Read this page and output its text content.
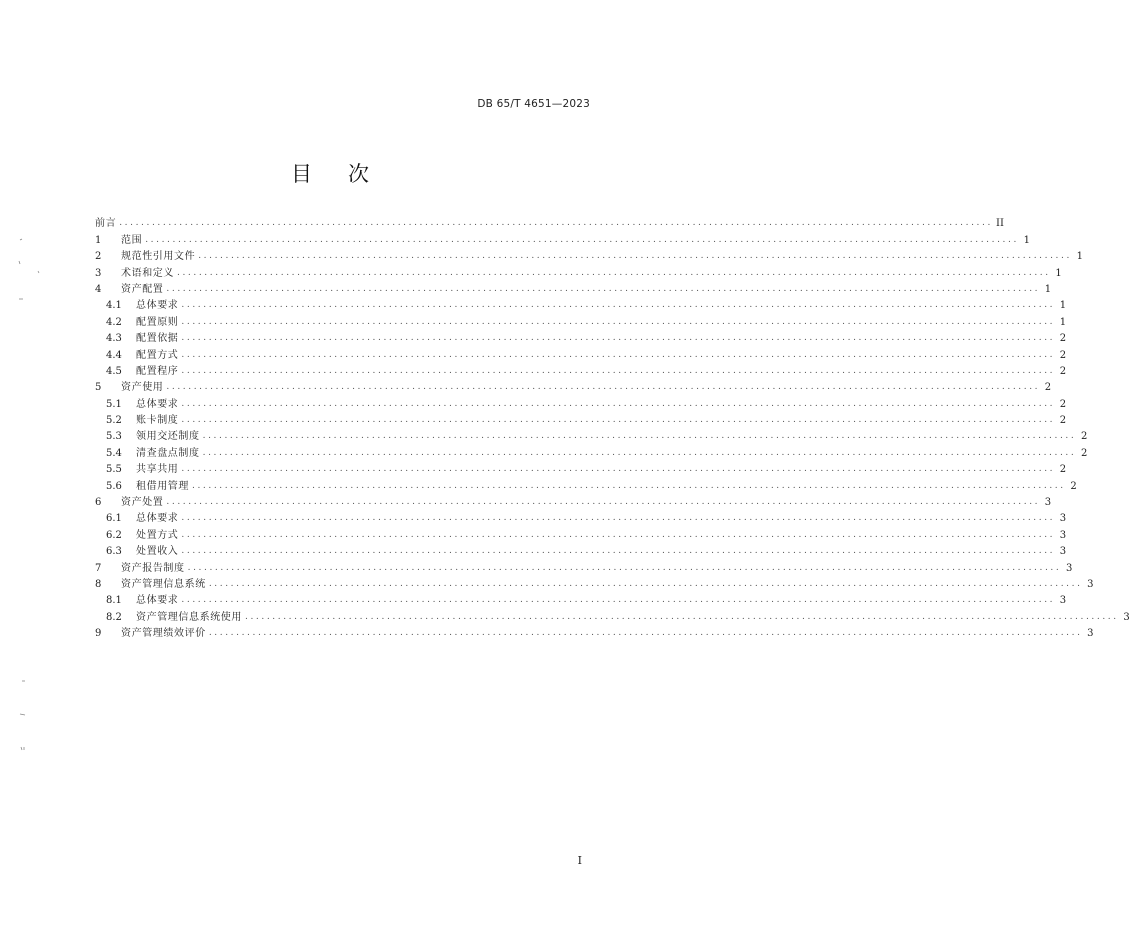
DB 65/T 4651—2023
目 次
前言 ................................................................................................................................................................ II
1	范围 ................................................................................................................................................................ 1
2	规范性引用文件 ................................................................................................................................................................ 1
3	术语和定义 ................................................................................................................................................................ 1
4	资产配置 ................................................................................................................................................................ 1
4.1	总体要求 ................................................................................................................................................................ 1
4.2	配置原则 ................................................................................................................................................................ 1
4.3	配置依据 ................................................................................................................................................................ 2
4.4	配置方式 ................................................................................................................................................................ 2
4.5	配置程序 ................................................................................................................................................................ 2
5	资产使用 ................................................................................................................................................................ 2
5.1	总体要求 ................................................................................................................................................................ 2
5.2	账卡制度 ................................................................................................................................................................ 2
5.3	领用交还制度 ................................................................................................................................................................ 2
5.4	清查盘点制度 ................................................................................................................................................................ 2
5.5	共享共用 ................................................................................................................................................................ 2
5.6	租借用管理 ................................................................................................................................................................ 2
6	资产处置 ................................................................................................................................................................ 3
6.1	总体要求 ................................................................................................................................................................ 3
6.2	处置方式 ................................................................................................................................................................ 3
6.3	处置收入 ................................................................................................................................................................ 3
7	资产报告制度 ................................................................................................................................................................ 3
8	资产管理信息系统 ................................................................................................................................................................ 3
8.1	总体要求 ................................................................................................................................................................ 3
8.2	资产管理信息系统使用 ................................................................................................................................................................ 3
9	资产管理绩效评价 ................................................................................................................................................................ 3
I
